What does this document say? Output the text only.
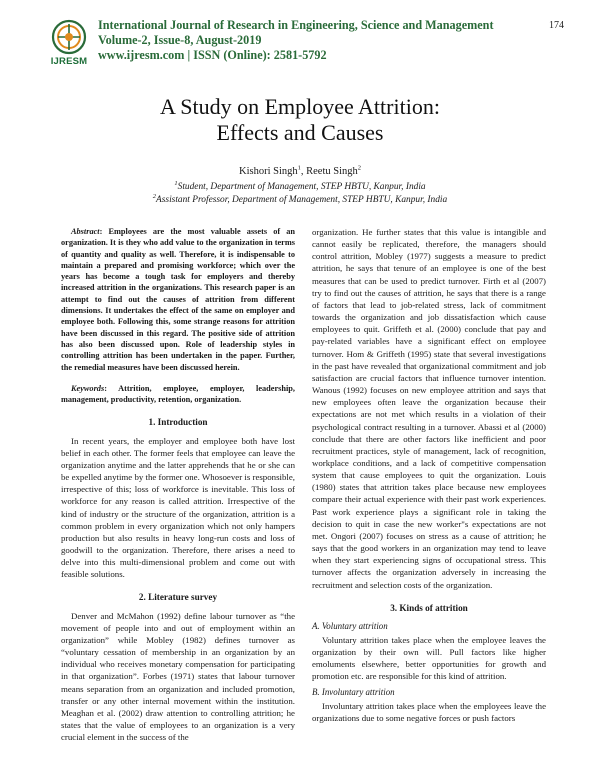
IJRESM
International Journal of Research in Engineering, Science and Management
Volume-2, Issue-8, August-2019
www.ijresm.com | ISSN (Online): 2581-5792
174
A Study on Employee Attrition:
Effects and Causes
Kishori Singh$^1$, Reetu Singh$^2$
$^1$Student, Department of Management, STEP HBTU, Kanpur, India
$^2$Assistant Professor, Department of Management, STEP HBTU, Kanpur, India

Abstract: Employees are the most valuable assets of an organization. It is they who add value to the organization in terms of quantity and quality as well. Therefore, it is indispensable to maintain a prepared and promising workforce; which over the years has become a tough task for employers and thereby increased attrition in the organizations. This research paper is an attempt to find out the causes of attrition from different dimensions. It undertakes the effect of the same on employer and employee both. Following this, some strange reasons for attrition have been discussed in this regard. The positive side of attrition has also been discussed upon. Role of leadership styles in controlling attrition has been undertaken in the paper. Further, the remedial measures have been discussed herein.

Keywords: Attrition, employee, employer, leadership, management, productivity, retention, organization.

1. Introduction

In recent years, the employer and employee both have lost belief in each other. The former feels that employee can leave the organization anytime and the latter apprehends that he or she can be expelled anytime by the former one. Whosoever is responsible, irrespective of this; loss of workforce is inevitable. This loss of workforce for any reason is called attrition. Irrespective of the kind of industry or the structure of the organization, attrition is a common problem in every organization which not only hampers production but also results in heavy long-run costs and loss of goodwill to the organization. Therefore, there arises a need to delve into this multi-dimensional problem and come out with feasible solutions.

2. Literature survey

Denver and McMahon (1992) define labour turnover as “the movement of people into and out of employment within an organization” while Mobley (1982) defines turnover as “voluntary cessation of membership in an organization by an individual who receives monetary compensation for participating in that organization”. Forbes (1971) states that labour turnover means separation from an organization and included promotion, transfer or any other internal movement within the institution. Meaghan et al. (2002) draw attention to controlling attrition; he states that the value of employees to an organization is a very crucial element in the success of the

organization. He further states that this value is intangible and cannot easily be replicated, therefore, the managers should control attrition, Mobley (1977) suggests a measure to predict attrition, he says that tenure of an employee is one of the best measures that can be used to predict turnover. Firth et al (2007) try to find out the causes of attrition, he says that there is a range of factors that lead to job-related stress, lack of commitment towards the organization and job dissatisfaction which cause employees to quit. Griffeth et al. (2000) conclude that pay and pay-related variables have a significant effect on employee turnover. Hom & Griffeth (1995) state that several investigations in the past have revealed that organizational commitment and job satisfaction are crucial factors that influence turnover intention. Wanous (1992) focuses on new employee attrition and says that new employees often leave the organization because their expectations are not met which results in a violation of their psychological contract resulting in a turnover. Abassi et al (2000) conclude that there are other factors like inefficient and poor recruitment practices, style of management, lack of recognition, workplace conditions, and a lack of competitive compensation system that cause employees to quit the organization. Louis (1980) states that attrition takes place because new employees compare their actual experience with their past work experiences. Past work experience plays a significant role in taking the decision to quit in case the new worker"s expectations are not met. Ongori (2007) focuses on stress as a cause of attrition; he says that the good workers in an organization may tend to leave when they start experiencing signs of occupational stress. This turnover affects the organization adversely in increasing the recruitment and selection costs of the organization.

3. Kinds of attrition

A. Voluntary attrition

Voluntary attrition takes place when the employee leaves the organization by their own will. Pull factors like higher emoluments elsewhere, better opportunities for growth and promotion etc. are responsible for this kind of attrition.

B. Involuntary attrition

Involuntary attrition takes place when the employees leave the organizations due to some negative forces or push factors
